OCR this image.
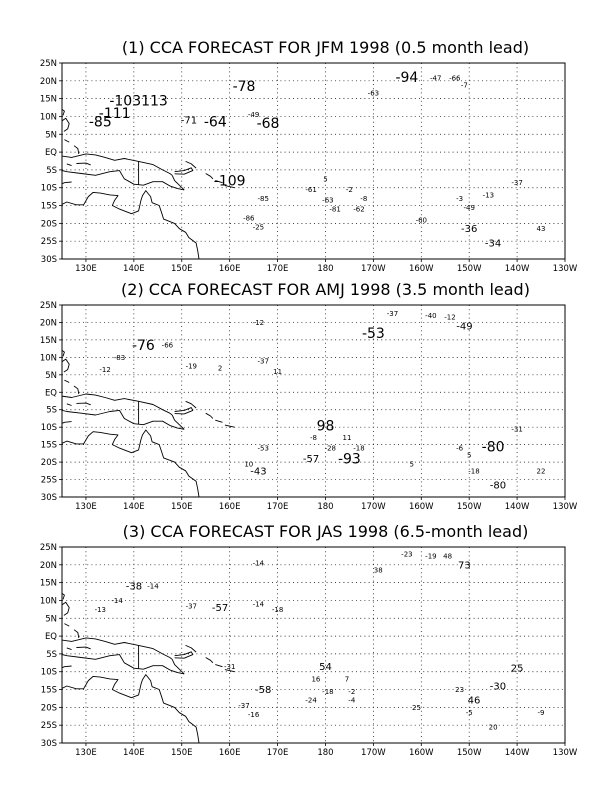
(1) CCA FORECAST FOR JFM 1998 (0.5 month lead)
25N
20N
15N
10N
5N
EQ
5S
10S
15S
20S
25S
30S
130E	140E	150E	160E	170E	180	170W	160W	150W	140W	130W
-94 -47 -66
-7
-78	-63
-103113
-111	-49
-85	-71 -64 -68
-109	-37
5
-61	-2
-13
-3
-85	-63	-8
-49
-81 -62
-86	-60
-25	-36	43
-34
(2) CCA FORECAST FOR AMJ 1998 (3.5 month lead)
25N
20N
15N
10N
5N
EQ
5S
10S
15S
20S
25S
30S
130E	140E	150E	160E	170E	180	170W	160W	150W	140W	130W
-37	-40 -12
-12	-49
-53
-76 -66
-83	-37
-19	2
-12	11
-31
98
-8	11
-80
-53	-28 -18	-6
5
-57 -93
10	5
-43	-18	22
-80
(3) CCA FORECAST FOR JAS 1998 (6.5-month lead)
25N
20N
15N
10N
5N
EQ
5S
10S
15S
20S
25S
30S
130E	140E	150E	160E	170E	180	170W	160W	150W	140W	130W
-23 -19 48
-14	73
38
-38 -14
-14	-14
-37 -57
-13	-18
54
-31	25
16	7
-30
-58	-18 -2	23
-24	-4	46
-37	25
-16	-5	-9
20
